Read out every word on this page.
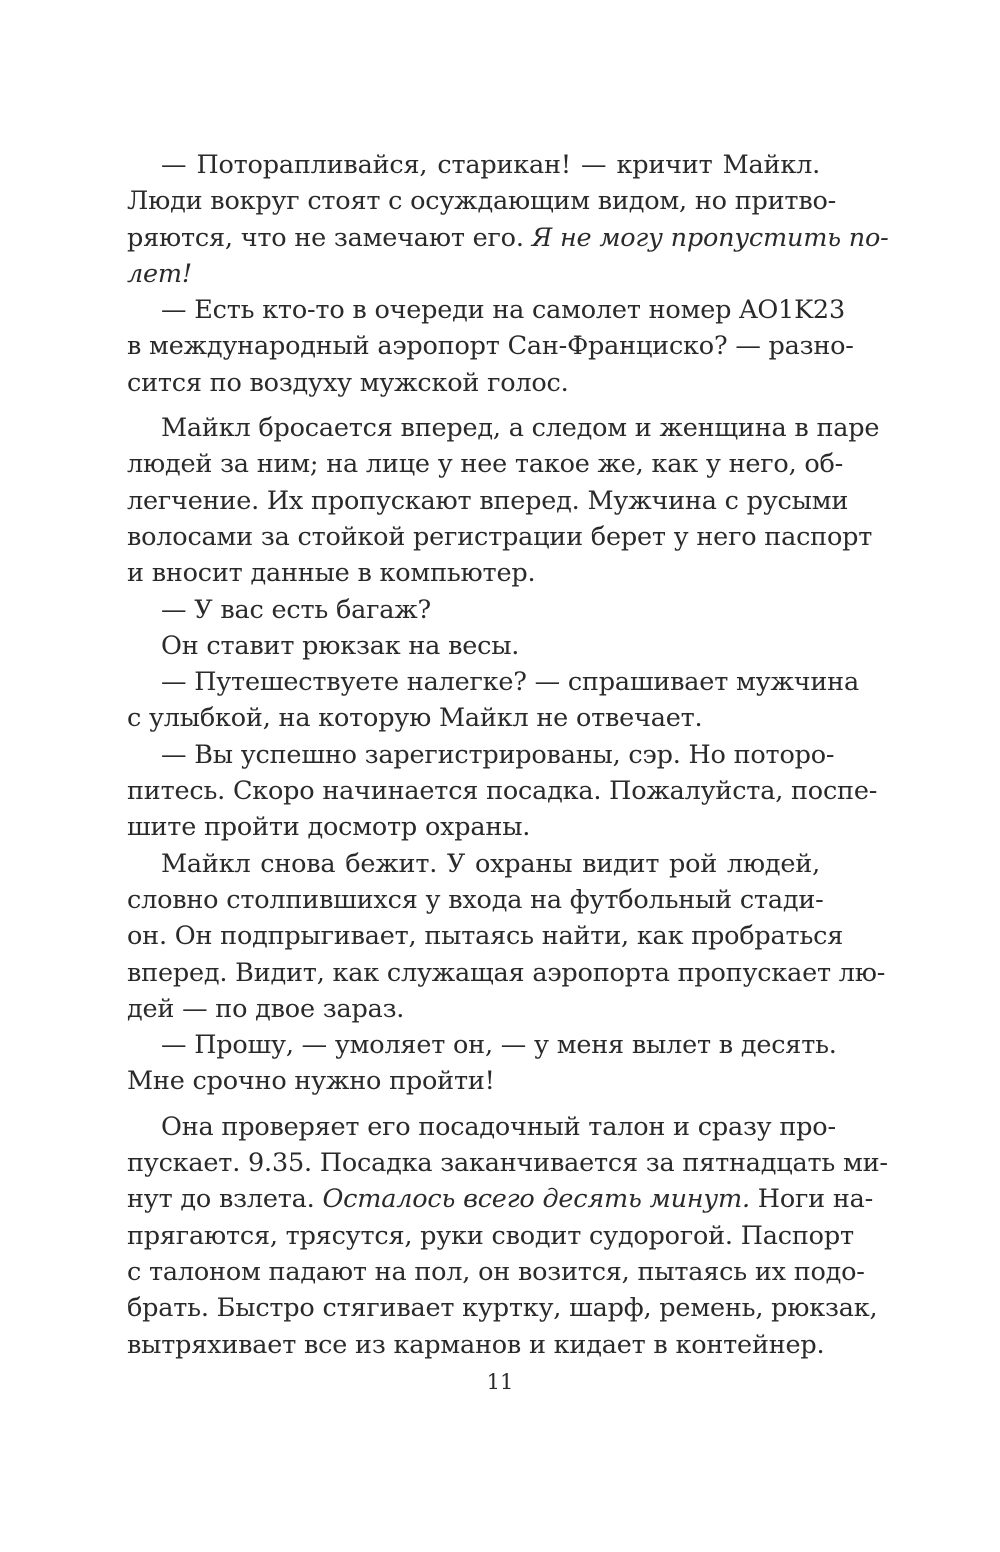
— Поторапливайся, старикан! — кричит Майкл.
Люди вокруг стоят с осуждающим видом, но притво-
ряются, что не замечают его. Я не могу пропустить по-
лет!
— Есть кто-то в очереди на самолет номер AO1K23
в международный аэропорт Сан-Франциско? — разно-
сится по воздуху мужской голос.
Майкл бросается вперед, а следом и женщина в паре
людей за ним; на лице у нее такое же, как у него, об-
легчение. Их пропускают вперед. Мужчина с русыми
волосами за стойкой регистрации берет у него паспорт
и вносит данные в компьютер.
— У вас есть багаж?
Он ставит рюкзак на весы.
— Путешествуете налегке? — спрашивает мужчина
с улыбкой, на которую Майкл не отвечает.
— Вы успешно зарегистрированы, сэр. Но поторо-
питесь. Скоро начинается посадка. Пожалуйста, поспе-
шите пройти досмотр охраны.
Майкл снова бежит. У охраны видит рой людей,
словно столпившихся у входа на футбольный стади-
он. Он подпрыгивает, пытаясь найти, как пробраться
вперед. Видит, как служащая аэропорта пропускает лю-
дей — по двое зараз.
— Прошу, — умоляет он, — у меня вылет в десять.
Мне срочно нужно пройти!
Она проверяет его посадочный талон и сразу про-
пускает. 9.35. Посадка заканчивается за пятнадцать ми-
нут до взлета. Осталось всего десять минут. Ноги на-
прягаются, трясутся, руки сводит судорогой. Паспорт
с талоном падают на пол, он возится, пытаясь их подо-
брать. Быстро стягивает куртку, шарф, ремень, рюкзак,
вытряхивает все из карманов и кидает в контейнер.
11
